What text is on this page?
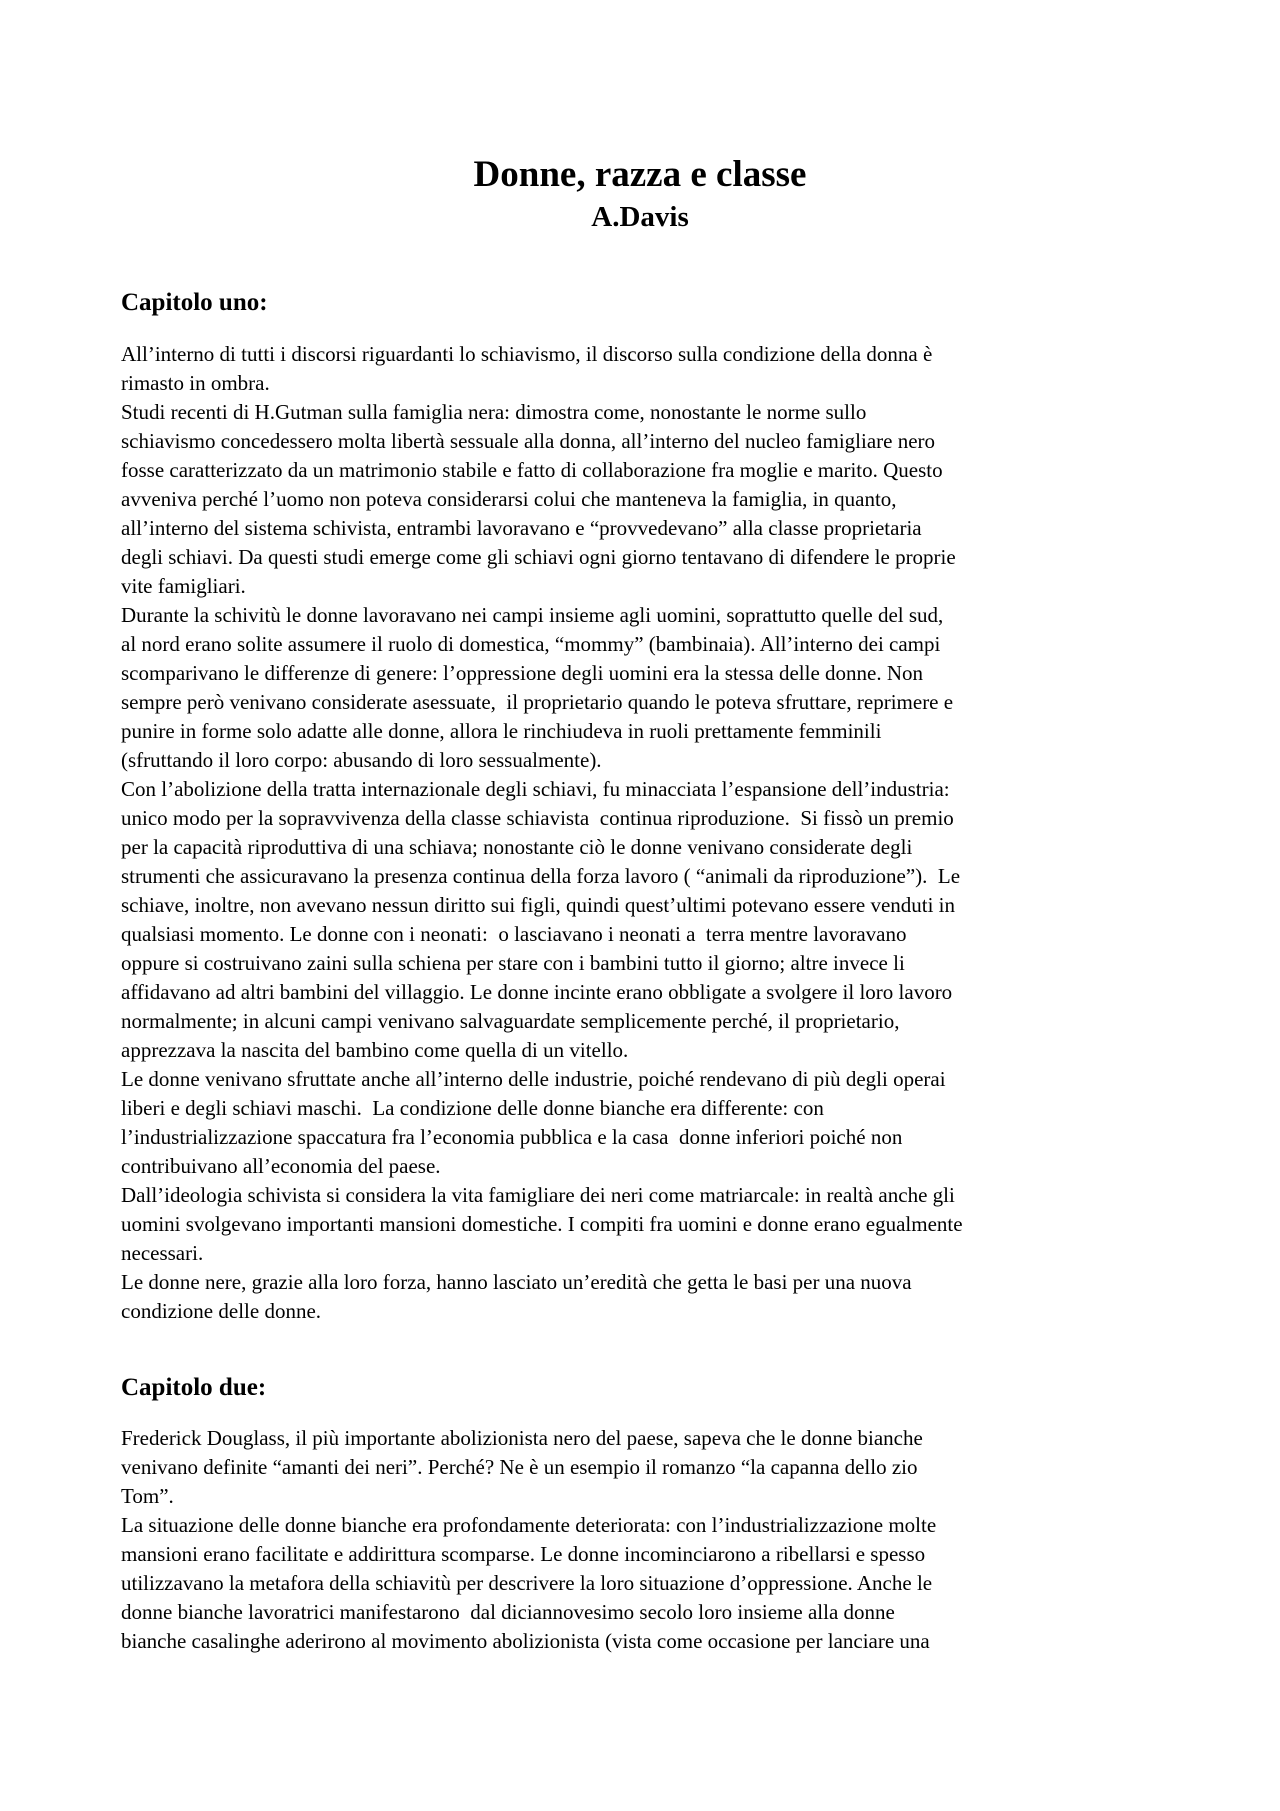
Donne, razza e classe
A.Davis
Capitolo uno:
All’interno di tutti i discorsi riguardanti lo schiavismo, il discorso sulla condizione della donna è
rimasto in ombra.
Studi recenti di H.Gutman sulla famiglia nera: dimostra come, nonostante le norme sullo
schiavismo concedessero molta libertà sessuale alla donna, all’interno del nucleo famigliare nero
fosse caratterizzato da un matrimonio stabile e fatto di collaborazione fra moglie e marito. Questo
avveniva perché l’uomo non poteva considerarsi colui che manteneva la famiglia, in quanto,
all’interno del sistema schivista, entrambi lavoravano e “provvedevano” alla classe proprietaria
degli schiavi. Da questi studi emerge come gli schiavi ogni giorno tentavano di difendere le proprie
vite famigliari.
Durante la schivitù le donne lavoravano nei campi insieme agli uomini, soprattutto quelle del sud,
al nord erano solite assumere il ruolo di domestica, “mommy” (bambinaia). All’interno dei campi
scomparivano le differenze di genere: l’oppressione degli uomini era la stessa delle donne. Non
sempre però venivano considerate asessuate,  il proprietario quando le poteva sfruttare, reprimere e
punire in forme solo adatte alle donne, allora le rinchiudeva in ruoli prettamente femminili
(sfruttando il loro corpo: abusando di loro sessualmente).
Con l’abolizione della tratta internazionale degli schiavi, fu minacciata l’espansione dell’industria:
unico modo per la sopravvivenza della classe schiavista  continua riproduzione.  Si fissò un premio
per la capacità riproduttiva di una schiava; nonostante ciò le donne venivano considerate degli
strumenti che assicuravano la presenza continua della forza lavoro ( “animali da riproduzione”).  Le
schiave, inoltre, non avevano nessun diritto sui figli, quindi quest’ultimi potevano essere venduti in
qualsiasi momento. Le donne con i neonati:  o lasciavano i neonati a  terra mentre lavoravano
oppure si costruivano zaini sulla schiena per stare con i bambini tutto il giorno; altre invece li
affidavano ad altri bambini del villaggio. Le donne incinte erano obbligate a svolgere il loro lavoro
normalmente; in alcuni campi venivano salvaguardate semplicemente perché, il proprietario,
apprezzava la nascita del bambino come quella di un vitello.
Le donne venivano sfruttate anche all’interno delle industrie, poiché rendevano di più degli operai
liberi e degli schiavi maschi.  La condizione delle donne bianche era differente: con
l’industrializzazione spaccatura fra l’economia pubblica e la casa  donne inferiori poiché non
contribuivano all’economia del paese.
Dall’ideologia schivista si considera la vita famigliare dei neri come matriarcale: in realtà anche gli
uomini svolgevano importanti mansioni domestiche. I compiti fra uomini e donne erano egualmente
necessari.
Le donne nere, grazie alla loro forza, hanno lasciato un’eredità che getta le basi per una nuova
condizione delle donne.
Capitolo due:
Frederick Douglass, il più importante abolizionista nero del paese, sapeva che le donne bianche
venivano definite “amanti dei neri”. Perché? Ne è un esempio il romanzo “la capanna dello zio
Tom”.
La situazione delle donne bianche era profondamente deteriorata: con l’industrializzazione molte
mansioni erano facilitate e addirittura scomparse. Le donne incominciarono a ribellarsi e spesso
utilizzavano la metafora della schiavitù per descrivere la loro situazione d’oppressione. Anche le
donne bianche lavoratrici manifestarono  dal diciannovesimo secolo loro insieme alla donne
bianche casalinghe aderirono al movimento abolizionista (vista come occasione per lanciare una
